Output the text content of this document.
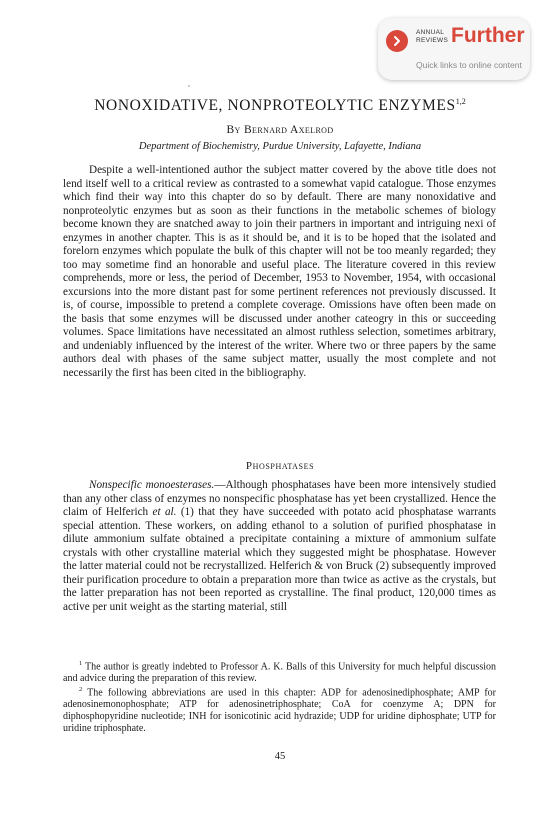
ANNUAL REVIEWS Further
Quick links to online content
NONOXIDATIVE, NONPROTEOLYTIC ENZYMES$^{1,2}$
By Bernard Axelrod
Department of Biochemistry, Purdue University, Lafayette, Indiana

Despite a well-intentioned author the subject matter covered by the above title does not lend itself well to a critical review as contrasted to a somewhat vapid catalogue. Those enzymes which find their way into this chapter do so by default. There are many nonoxidative and nonproteolytic enzymes but as soon as their functions in the metabolic schemes of biology become known they are snatched away to join their partners in important and intriguing nexi of enzymes in another chapter. This is as it should be, and it is to be hoped that the isolated and forelorn enzymes which populate the bulk of this chapter will not be too meanly regarded; they too may sometime find an honorable and useful place. The literature covered in this review comprehends, more or less, the period of December, 1953 to November, 1954, with occasional excursions into the more distant past for some pertinent references not previously discussed. It is, of course, impossible to pretend a complete coverage. Omissions have often been made on the basis that some enzymes will be discussed under another cateogry in this or succeeding volumes. Space limitations have necessitated an almost ruthless selection, sometimes arbitrary, and undeniably influenced by the interest of the writer. Where two or three papers by the same authors deal with phases of the same subject matter, usually the most complete and not necessarily the first has been cited in the bibliography.

Phosphatases

Nonspecific monoesterases.—Although phosphatases have been more intensively studied than any other class of enzymes no nonspecific phosphatase has yet been crystallized. Hence the claim of Helferich et al. (1) that they have succeeded with potato acid phosphatase warrants special attention. These workers, on adding ethanol to a solution of purified phosphatase in dilute ammonium sulfate obtained a precipitate containing a mixture of ammonium sulfate crystals with other crystalline material which they suggested might be phosphatase. However the latter material could not be recrystallized. Helferich & von Bruck (2) subsequently improved their purification procedure to obtain a preparation more than twice as active as the crystals, but the latter preparation has not been reported as crystalline. The final product, 120,000 times as active per unit weight as the starting material, still

$^1$ The author is greatly indebted to Professor A. K. Balls of this University for much helpful discussion and advice during the preparation of this review.

$^2$ The following abbreviations are used in this chapter: ADP for adenosinediphosphate; AMP for adenosinemonophosphate; ATP for adenosinetriphosphate; CoA for coenzyme A; DPN for diphosphopyridine nucleotide; INH for isonicotinic acid hydrazide; UDP for uridine diphosphate; UTP for uridine triphosphate.

45
